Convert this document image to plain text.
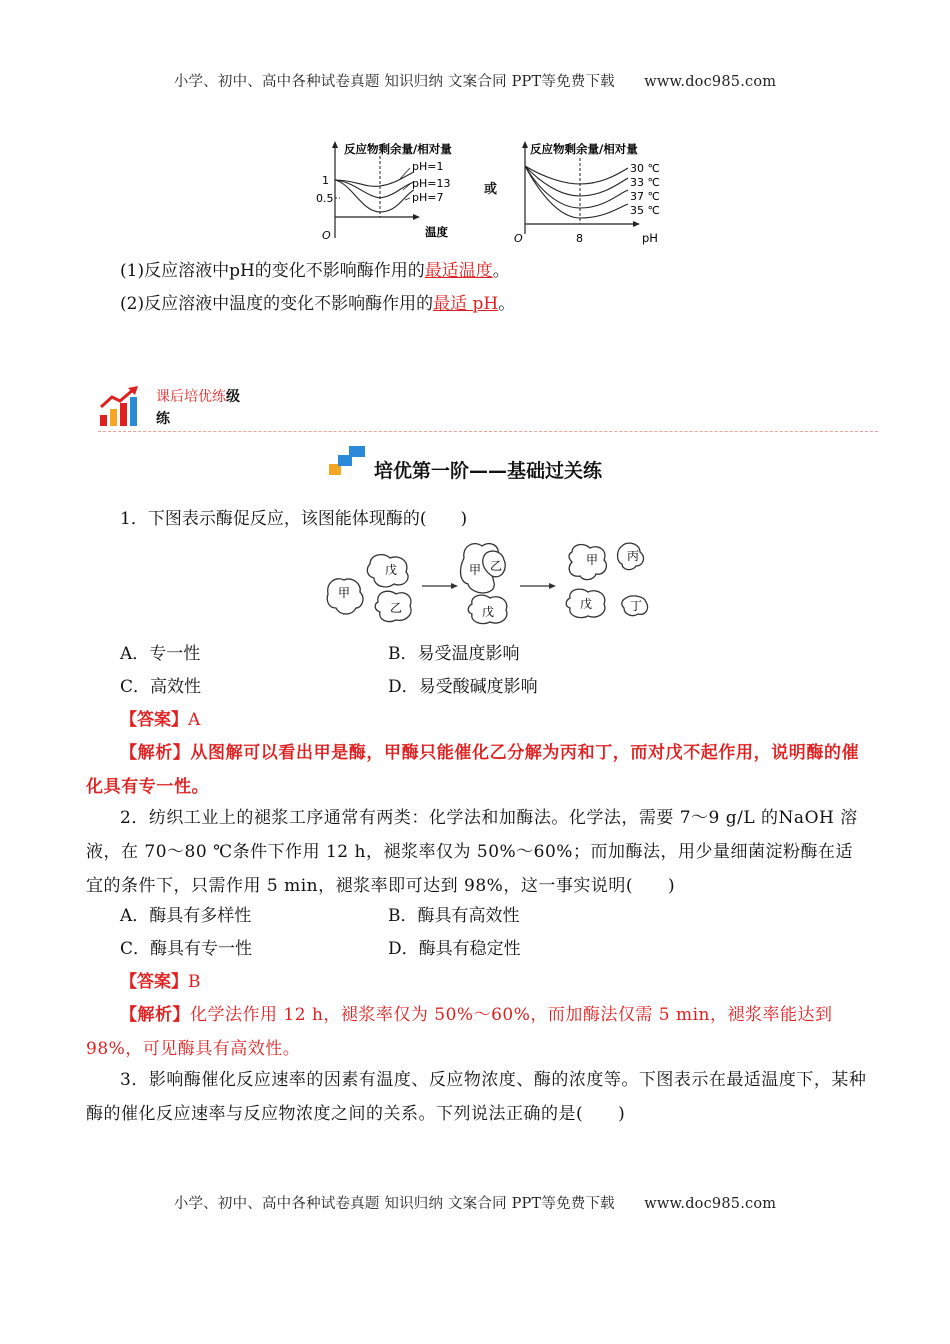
小学、初中、高中各种试卷真题 知识归纳 文案合同 PPT等免费下载　　www.doc985.com
反应物剩余量/相对量
1
0.5
O	温度
pH=1
pH=13
pH=7
或
反应物剩余量/相对量
30 ℃
33 ℃
37 ℃
35 ℃
O	8	pH
(1)反应溶液中pH的变化不影响酶作用的最适温度。
(2)反应溶液中温度的变化不影响酶作用的最适 pH。
课后培优练级
练
培优第一阶——基础过关练
1．下图表示酶促反应，该图能体现酶的(　　)
甲
戊
乙
甲 乙
戊
甲 丙
戊	丁
A．专一性	B．易受温度影响
C．高效性	D．易受酸碱度影响
【答案】A
【解析】从图解可以看出甲是酶，甲酶只能催化乙分解为丙和丁，而对戊不起作用，说明酶的催化具有专一性。
2．纺织工业上的褪浆工序通常有两类：化学法和加酶法。化学法，需要 7～9 g/L 的NaOH 溶液，在 70～80 ℃条件下作用 12 h，褪浆率仅为 50%～60%；而加酶法，用少量细菌淀粉酶在适宜的条件下，只需作用 5 min，褪浆率即可达到 98%，这一事实说明(　　)
A．酶具有多样性	B．酶具有高效性
C．酶具有专一性	D．酶具有稳定性
【答案】B
【解析】化学法作用 12 h，褪浆率仅为 50%～60%，而加酶法仅需 5 min，褪浆率能达到 98%，可见酶具有高效性。
3．影响酶催化反应速率的因素有温度、反应物浓度、酶的浓度等。下图表示在最适温度下，某种酶的催化反应速率与反应物浓度之间的关系。下列说法正确的是(　　)
小学、初中、高中各种试卷真题 知识归纳 文案合同 PPT等免费下载　　www.doc985.com
